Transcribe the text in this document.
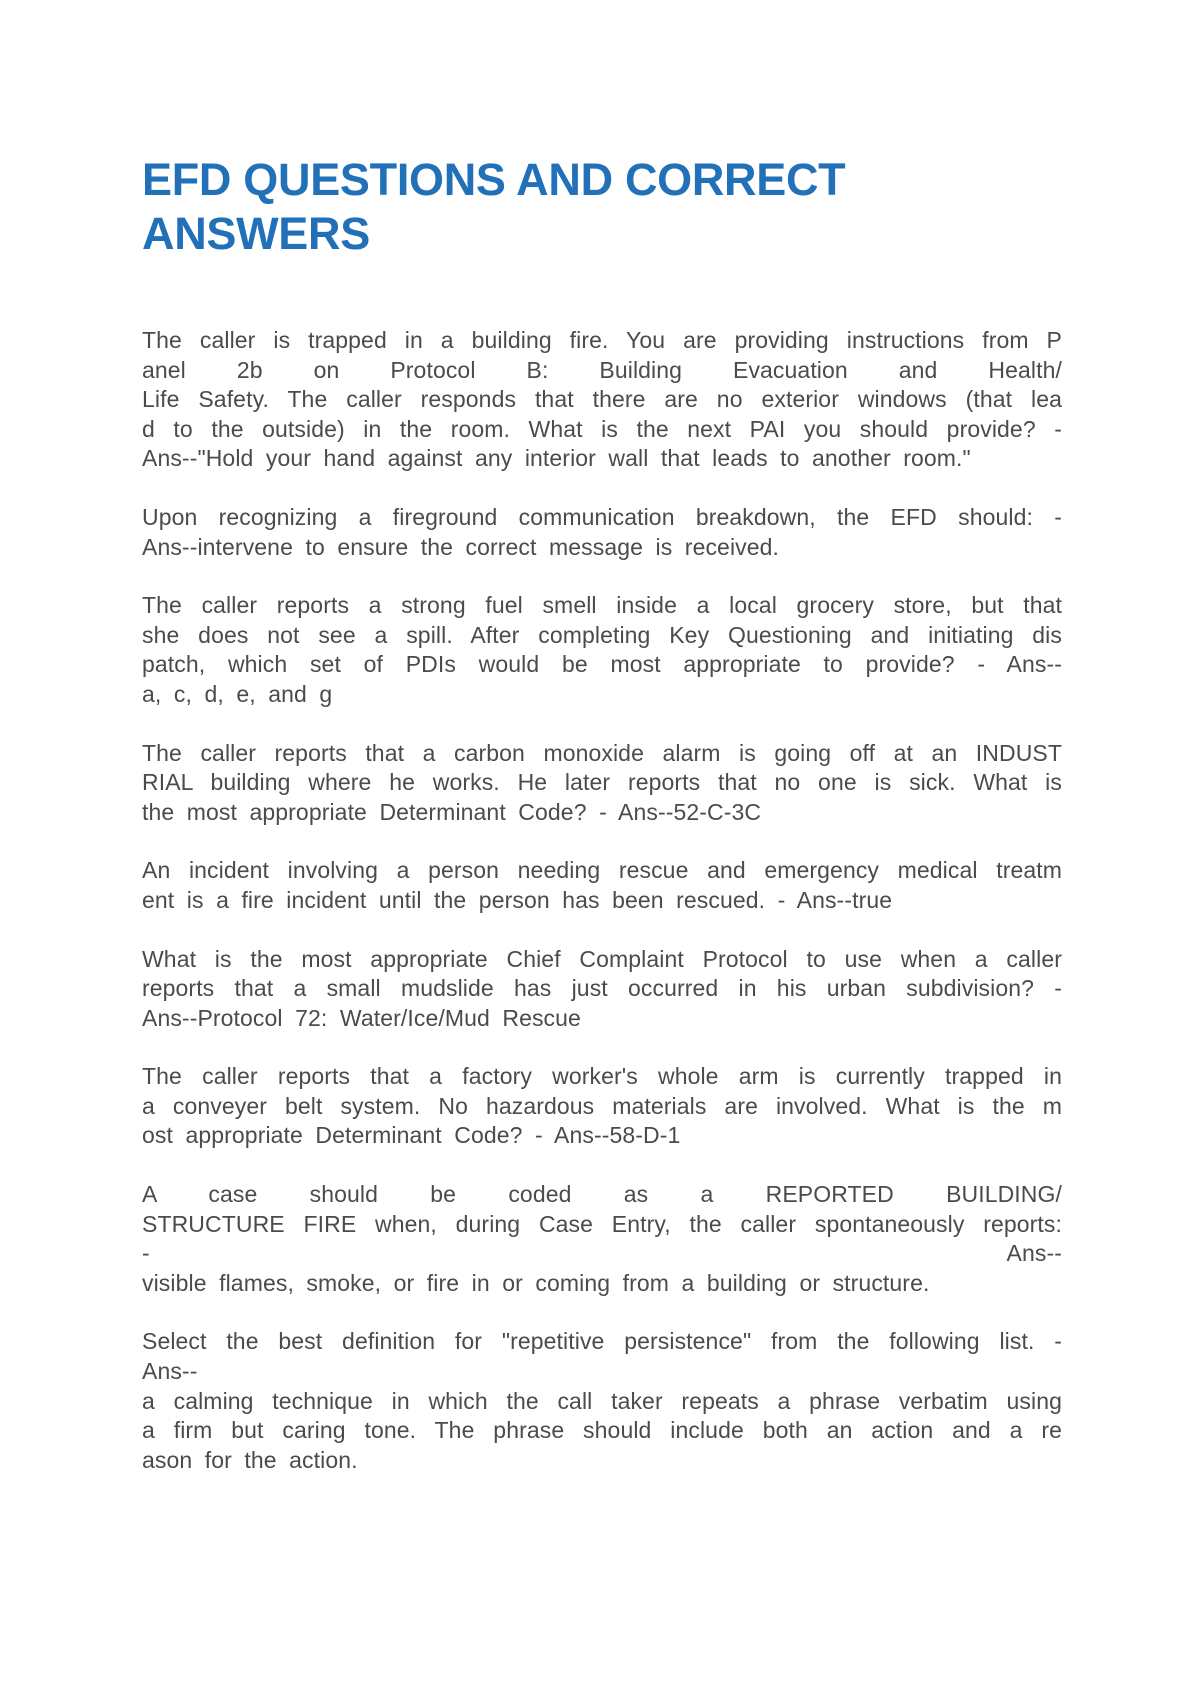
EFD QUESTIONS AND CORRECT
ANSWERS

The caller is trapped in a building fire. You are providing instructions from P
anel 2b on Protocol B: Building Evacuation and Health/
Life Safety. The caller responds that there are no exterior windows (that lea
d to the outside) in the room. What is the next PAI you should provide? -
Ans--"Hold your hand against any interior wall that leads to another room."

Upon recognizing a fireground communication breakdown, the EFD should: -
Ans--intervene to ensure the correct message is received.

The caller reports a strong fuel smell inside a local grocery store, but that
she does not see a spill. After completing Key Questioning and initiating dis
patch, which set of PDIs would be most appropriate to provide? - Ans--
a, c, d, e, and g

The caller reports that a carbon monoxide alarm is going off at an INDUST
RIAL building where he works. He later reports that no one is sick. What is
the most appropriate Determinant Code? - Ans--52-C-3C

An incident involving a person needing rescue and emergency medical treatm
ent is a fire incident until the person has been rescued. - Ans--true

What is the most appropriate Chief Complaint Protocol to use when a caller
reports that a small mudslide has just occurred in his urban subdivision? -
Ans--Protocol 72: Water/Ice/Mud Rescue

The caller reports that a factory worker's whole arm is currently trapped in
a conveyer belt system. No hazardous materials are involved. What is the m
ost appropriate Determinant Code? - Ans--58-D-1

A case should be coded as a REPORTED BUILDING/
STRUCTURE FIRE when, during Case Entry, the caller spontaneously reports:
- Ans--
visible flames, smoke, or fire in or coming from a building or structure.

Select the best definition for "repetitive persistence" from the following list. -
Ans--
a calming technique in which the call taker repeats a phrase verbatim using
a firm but caring tone. The phrase should include both an action and a re
ason for the action.
